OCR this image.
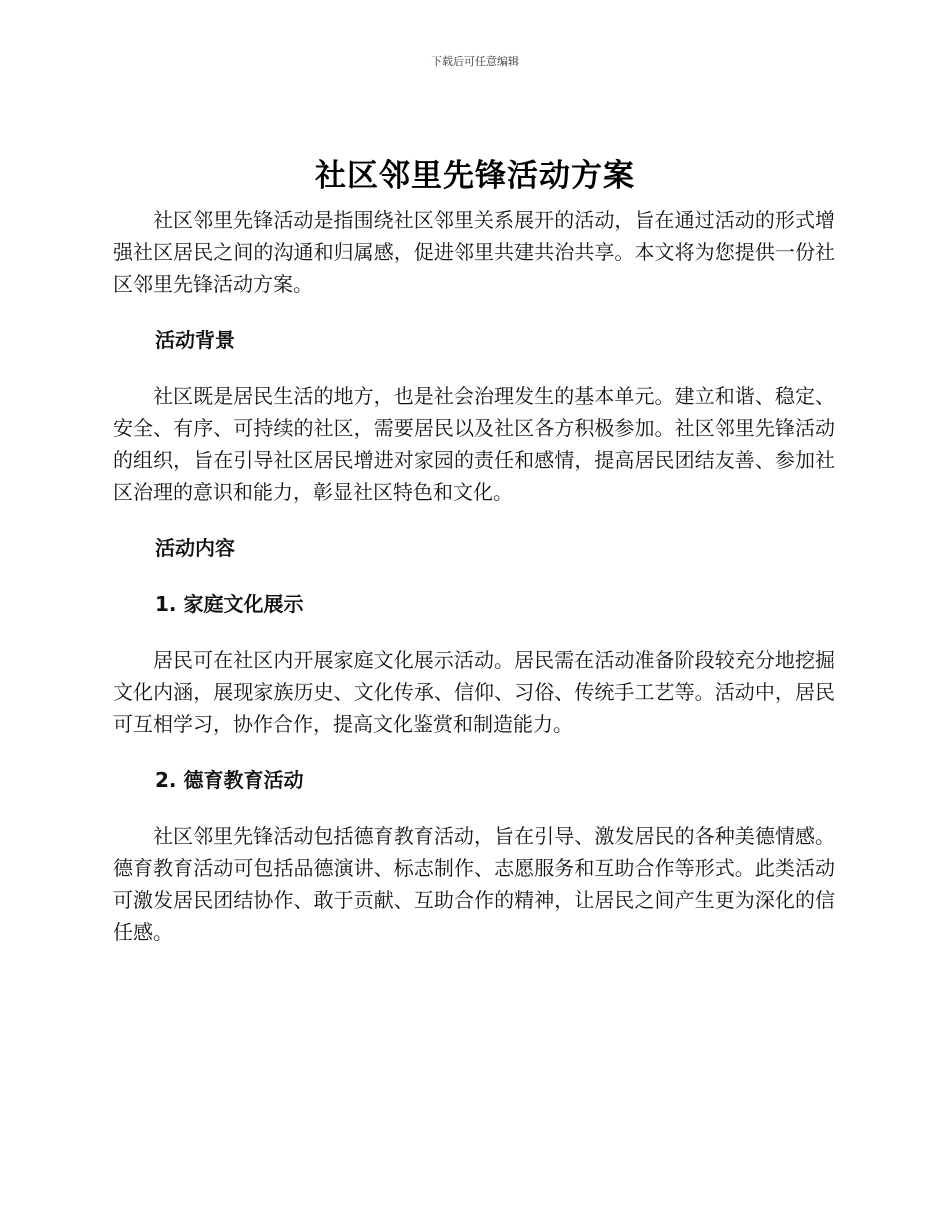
下载后可任意编辑
社区邻里先锋活动方案

社区邻里先锋活动是指围绕社区邻里关系展开的活动，旨在通过活动的形式增强社区居民之间的沟通和归属感，促进邻里共建共治共享。本文将为您提供一份社区邻里先锋活动方案。

活动背景

社区既是居民生活的地方，也是社会治理发生的基本单元。建立和谐、稳定、安全、有序、可持续的社区，需要居民以及社区各方积极参加。社区邻里先锋活动的组织，旨在引导社区居民增进对家园的责任和感情，提高居民团结友善、参加社区治理的意识和能力，彰显社区特色和文化。

活动内容

1. 家庭文化展示

居民可在社区内开展家庭文化展示活动。居民需在活动准备阶段较充分地挖掘文化内涵，展现家族历史、文化传承、信仰、习俗、传统手工艺等。活动中，居民可互相学习，协作合作，提高文化鉴赏和制造能力。

2. 德育教育活动

社区邻里先锋活动包括德育教育活动，旨在引导、激发居民的各种美德情感。德育教育活动可包括品德演讲、标志制作、志愿服务和互助合作等形式。此类活动可激发居民团结协作、敢于贡献、互助合作的精神，让居民之间产生更为深化的信任感。
